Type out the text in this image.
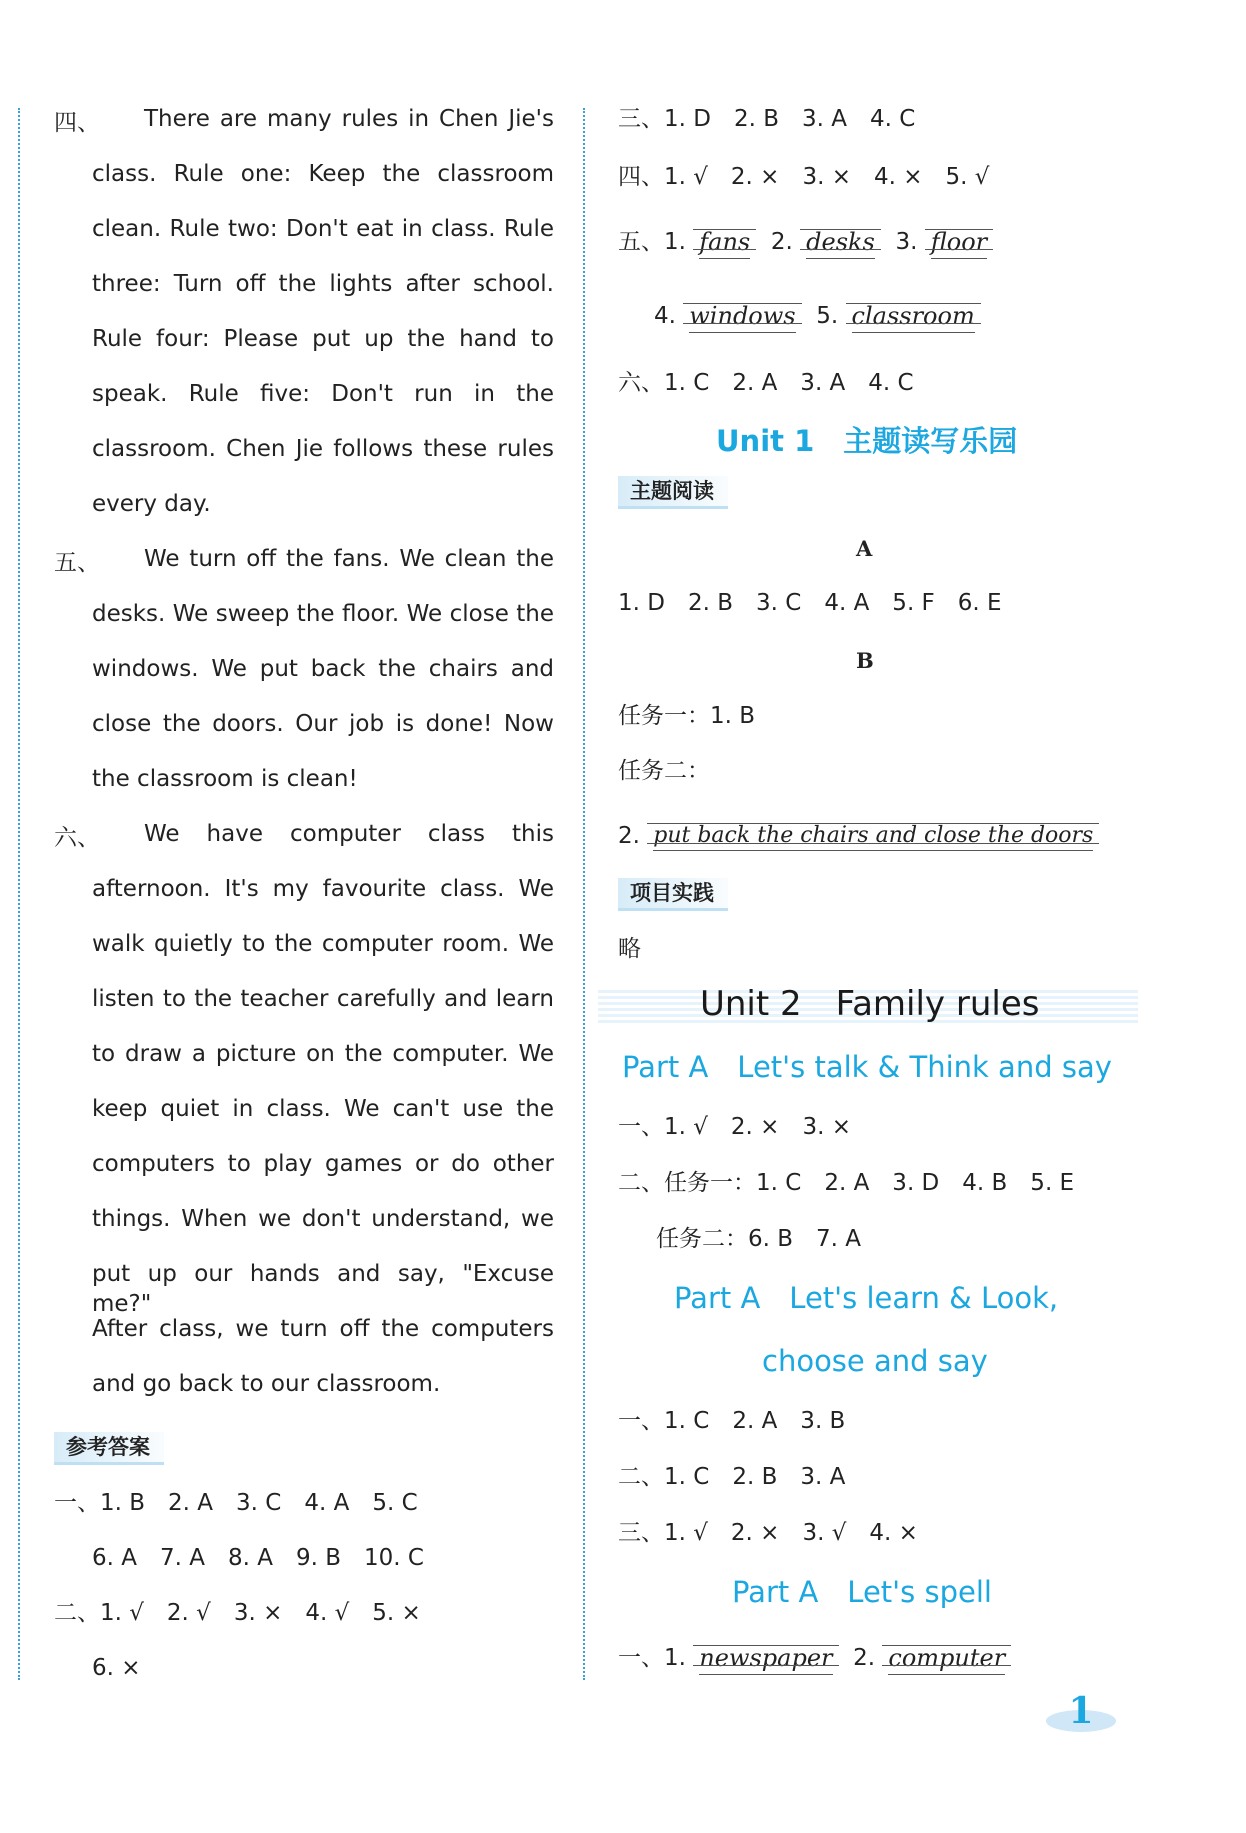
四、 There are many rules in Chen Jie's
class. Rule one: Keep the classroom
clean. Rule two: Don't eat in class. Rule
three: Turn off the lights after school.
Rule four: Please put up the hand to
speak. Rule five: Don't run in the
classroom. Chen Jie follows these rules
every day.
五、 We turn off the fans. We clean the
desks. We sweep the floor. We close the
windows. We put back the chairs and
close the doors. Our job is done! Now
the classroom is clean!
六、 We have computer class this
afternoon. It's my favourite class. We
walk quietly to the computer room. We
listen to the teacher carefully and learn
to draw a picture on the computer. We
keep quiet in class. We can't use the
computers to play games or do other
things. When we don't understand, we
put up our hands and say, "Excuse me?"
After class, we turn off the computers
and go back to our classroom.
参考答案
一、1. B　2. A　3. C　4. A　5. C
6. A　7. A　8. A　9. B　10. C
二、1. √　2. √　3. ×　4. √　5. ×
6. ×
三、1. D　2. B　3. A　4. C
四、1. √　2. ×　3. ×　4. ×　5. √
五、1. fans 2. desks 3. floor
4. windows 5. classroom
六、1. C　2. A　3. A　4. C
Unit 1　主题读写乐园
主题阅读
A
1. D　2. B　3. C　4. A　5. F　6. E
B
任务一：1. B
任务二：
2. put back the chairs and close the doors
项目实践
略
Unit 2　Family rules
Part A　Let's talk & Think and say
一、1. √　2. ×　3. ×
二、任务一：1. C　2. A　3. D　4. B　5. E
任务二：6. B　7. A
Part A　Let's learn & Look,
choose and say
一、1. C　2. A　3. B
二、1. C　2. B　3. A
三、1. √　2. ×　3. √　4. ×
Part A　Let's spell
一、1. newspaper 2. computer
1
